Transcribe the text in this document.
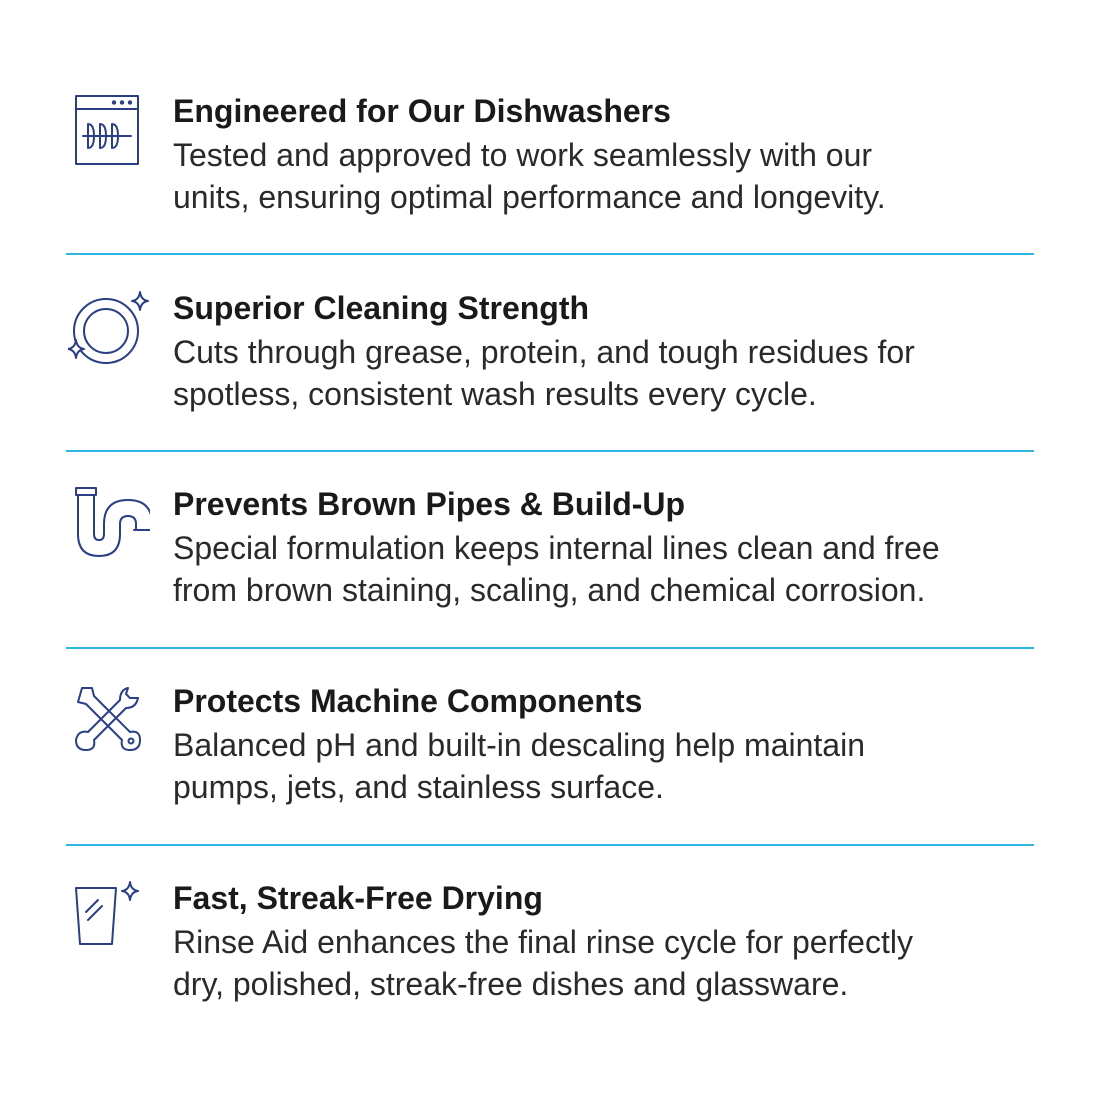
Engineered for Our Dishwashers
Tested and approved to work seamlessly with our
units, ensuring optimal performance and longevity.
Superior Cleaning Strength
Cuts through grease, protein, and tough residues for
spotless, consistent wash results every cycle.
Prevents Brown Pipes & Build-Up
Special formulation keeps internal lines clean and free
from brown staining, scaling, and chemical corrosion.
Protects Machine Components
Balanced pH and built-in descaling help maintain
pumps, jets, and stainless surface.
Fast, Streak-Free Drying
Rinse Aid enhances the final rinse cycle for perfectly
dry, polished, streak-free dishes and glassware.
